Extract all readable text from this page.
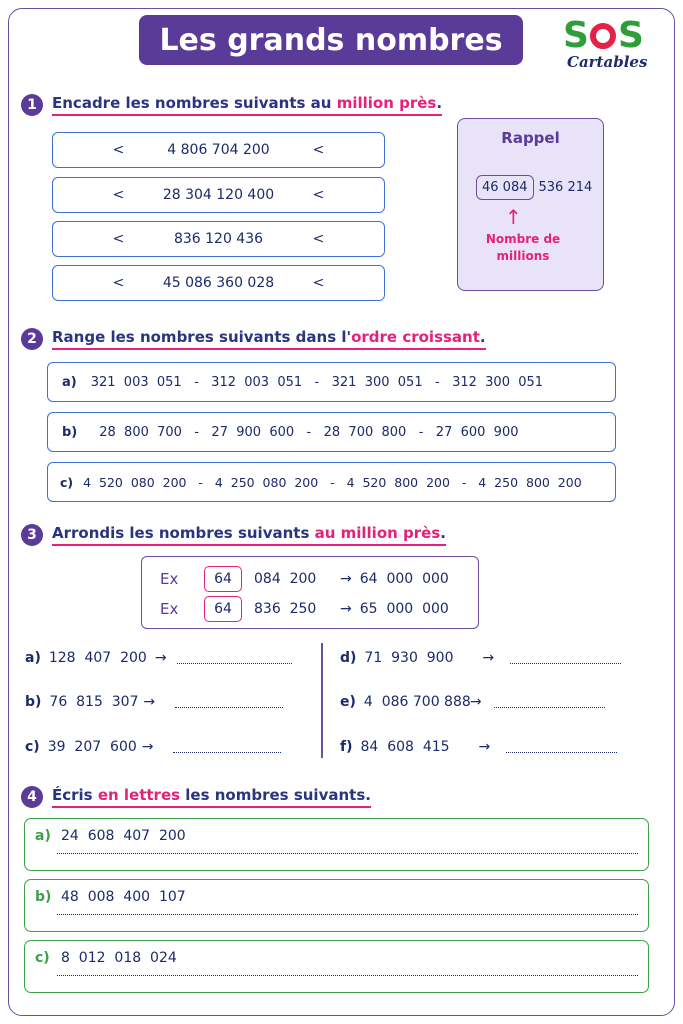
Les grands nombres	S S
Cartables
1	Encadre les nombres suivants au million près.
<	4 806 704 200	<
<	28 304 120 400	<
<	836 120 436	<
<	45 086 360 028	<
Rappel
46 084 536 214
↑
Nombre de
millions
2	Range les nombres suivants dans l'ordre croissant.
a) 321  003  051   -   312  003  051   -   321  300  051   -   312  300  051
b) 28  800  700   -   27  900  600   -   28  700  800   -   27  600  900
c) 4  520  080  200   -   4  250  080  200   -   4  520  800  200   -   4  250  800  200
3	Arrondis les nombres suivants au million près.
Ex	64	084  200	→ 64  000  000
Ex	64	836  250	→ 65  000  000
a) 128  407  200 →
b) 76  815  307 →
c) 39  207  600 →
d) 71  930  900	→
e) 4  086 700 888 →
f) 84  608  415	→
4	Écris en lettres les nombres suivants.
a) 24  608  407  200
b) 48  008  400  107
c) 8  012  018  024
